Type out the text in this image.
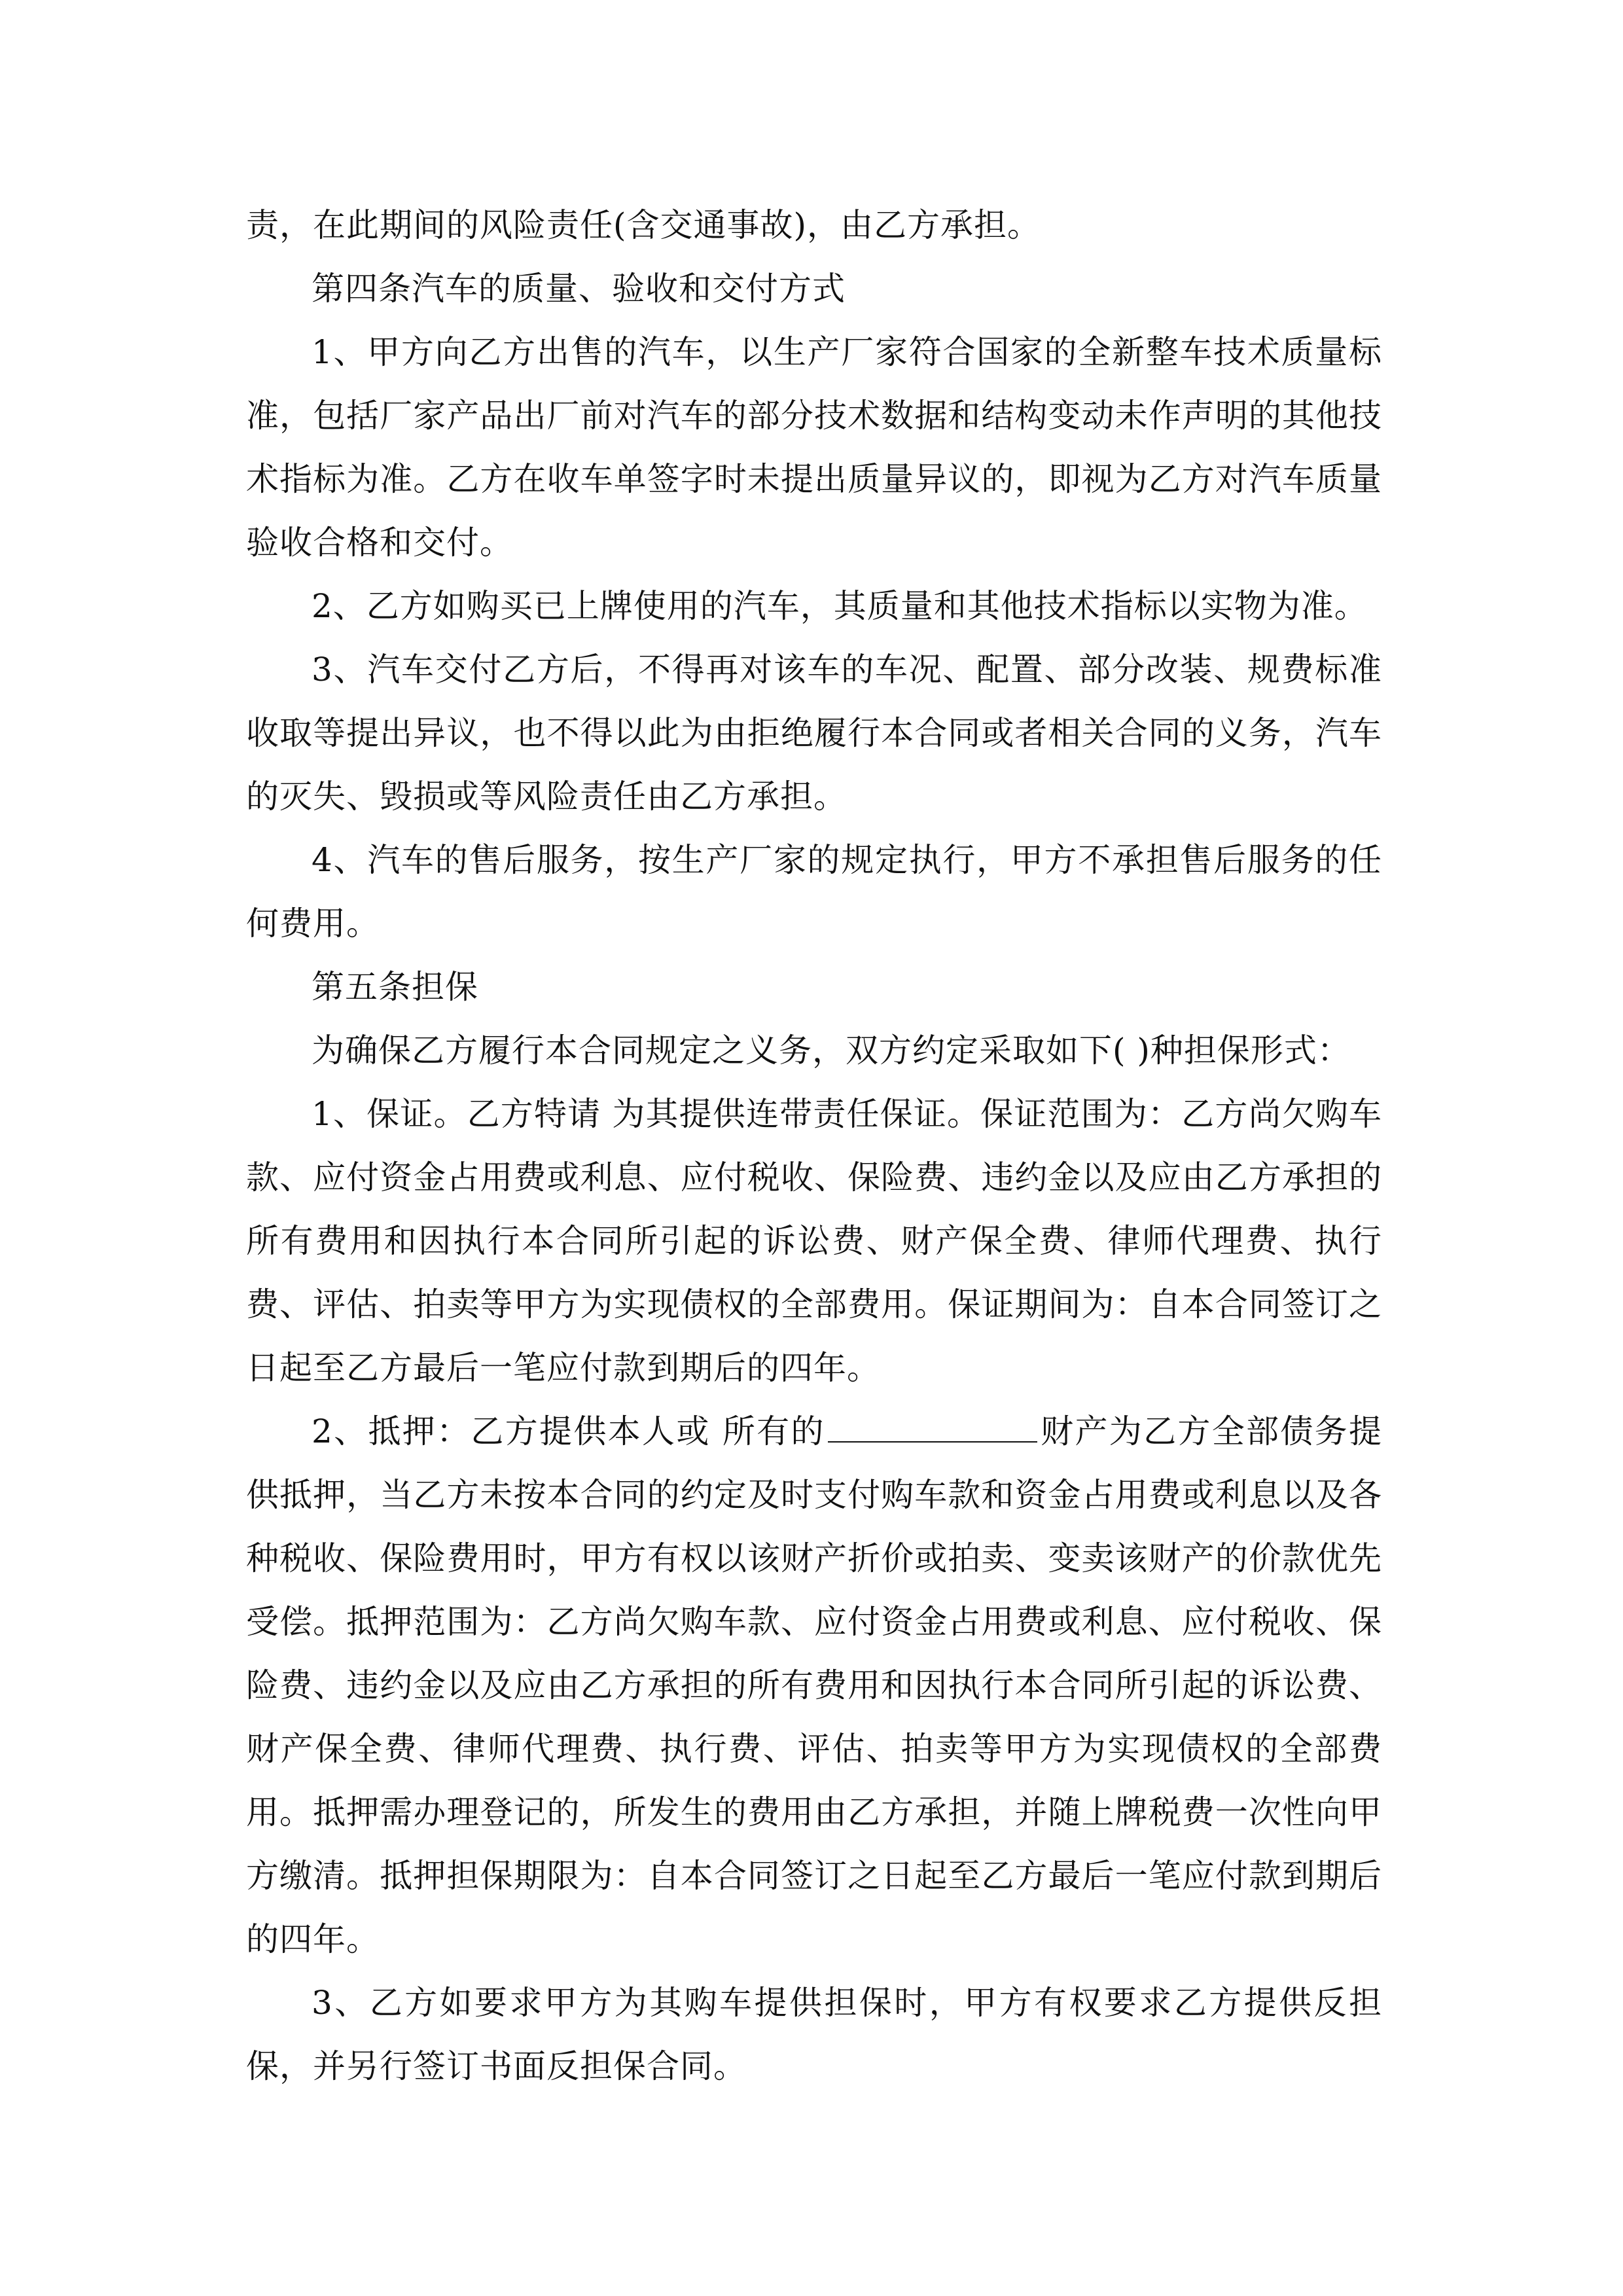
责，在此期间的风险责任(含交通事故)，由乙方承担。

第四条汽车的质量、验收和交付方式

1、甲方向乙方出售的汽车，以生产厂家符合国家的全新整车技术质量标准，包括厂家产品出厂前对汽车的部分技术数据和结构变动未作声明的其他技术指标为准。乙方在收车单签字时未提出质量异议的，即视为乙方对汽车质量验收合格和交付。

2、乙方如购买已上牌使用的汽车，其质量和其他技术指标以实物为准。

3、汽车交付乙方后，不得再对该车的车况、配置、部分改装、规费标准收取等提出异议，也不得以此为由拒绝履行本合同或者相关合同的义务，汽车的灭失、毁损或等风险责任由乙方承担。

4、汽车的售后服务，按生产厂家的规定执行，甲方不承担售后服务的任何费用。

第五条担保

为确保乙方履行本合同规定之义务，双方约定采取如下( )种担保形式：

1、保证。乙方特请 为其提供连带责任保证。保证范围为：乙方尚欠购车款、应付资金占用费或利息、应付税收、保险费、违约金以及应由乙方承担的所有费用和因执行本合同所引起的诉讼费、财产保全费、律师代理费、执行费、评估、拍卖等甲方为实现债权的全部费用。保证期间为：自本合同签订之日起至乙方最后一笔应付款到期后的四年。

2、抵押：乙方提供本人或 所有的	财产为乙方全部债务提供抵押，当乙方未按本合同的约定及时支付购车款和资金占用费或利息以及各种税收、保险费用时，甲方有权以该财产折价或拍卖、变卖该财产的价款优先受偿。抵押范围为：乙方尚欠购车款、应付资金占用费或利息、应付税收、保险费、违约金以及应由乙方承担的所有费用和因执行本合同所引起的诉讼费、财产保全费、律师代理费、执行费、评估、拍卖等甲方为实现债权的全部费用。抵押需办理登记的，所发生的费用由乙方承担，并随上牌税费一次性向甲方缴清。抵押担保期限为：自本合同签订之日起至乙方最后一笔应付款到期后的四年。

3、乙方如要求甲方为其购车提供担保时，甲方有权要求乙方提供反担保，并另行签订书面反担保合同。
